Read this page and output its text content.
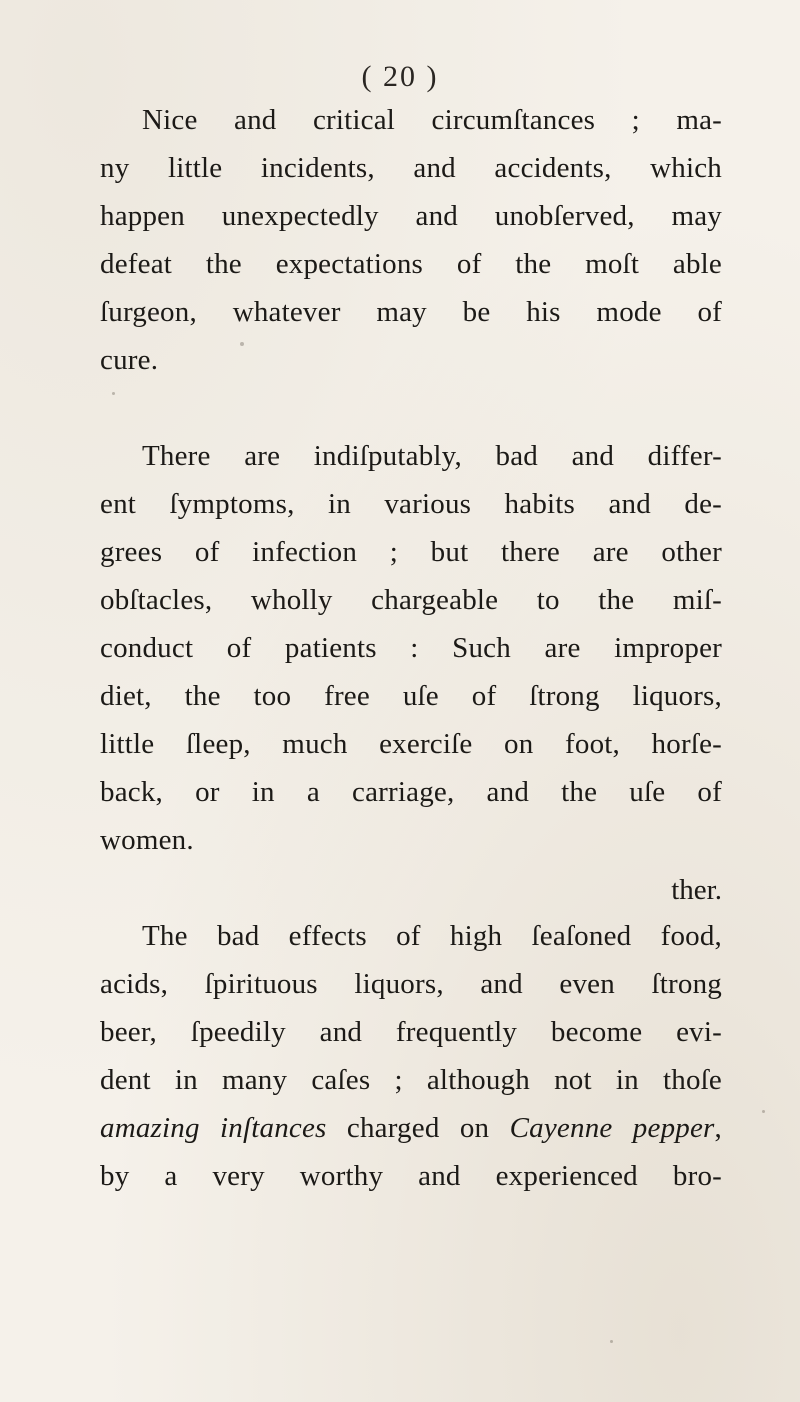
( 20 )
Nice and critical circumſtances ; ma-
ny little incidents, and accidents, which
happen unexpectedly and unobſerved, may
defeat the expectations of the moſt able
ſurgeon, whatever may be his mode of
cure.
There are indiſputably, bad and differ-
ent ſymptoms, in various habits and de-
grees of infection ; but there are other
obſtacles, wholly chargeable to the miſ-
conduct of patients : Such are improper
diet, the too free uſe of ſtrong liquors,
little ſleep, much exerciſe on foot, horſe-
back, or in a carriage, and the uſe of
women.
The bad effects of high ſeaſoned food,
acids, ſpirituous liquors, and even ſtrong
beer, ſpeedily and frequently become evi-
dent in many caſes ; although not in thoſe
amazing inſtances charged on Cayenne pepper,
by a very worthy and experienced bro-
ther.
